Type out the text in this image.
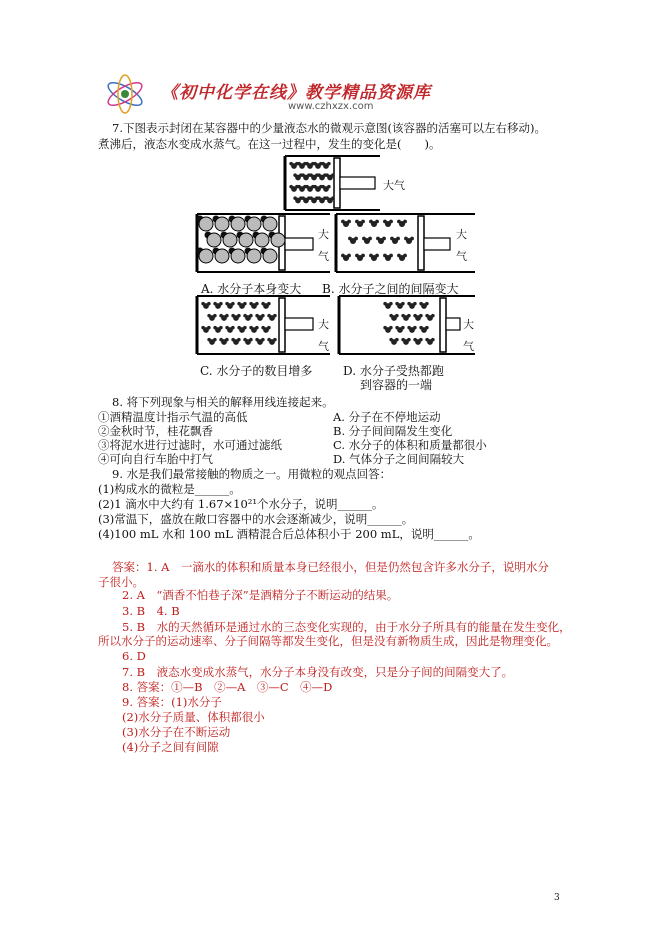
《初中化学在线》教学精品资源库
www.czhxzx.com
7.下图表示封闭在某容器中的少量液态水的微观示意图(该容器的活塞可以左右移动)。
煮沸后，液态水变成水蒸气。在这一过程中，发生的变化是(　　)。
大气
大
气
大
气
大
气
大
气
A. 水分子本身变大 B. 水分子之间的间隔变大
C. 水分子的数目增多	D. 水分子受热都跑
到容器的一端
8. 将下列现象与相关的解释用线连接起来。
①酒精温度计指示气温的高低	A. 分子在不停地运动
②金秋时节，桂花飘香	B. 分子间间隔发生变化
③将泥水进行过滤时，水可通过滤纸	C. 水分子的体积和质量都很小
④可向自行车胎中打气	D. 气体分子之间间隔较大
9. 水是我们最常接触的物质之一。用微粒的观点回答：
(1)构成水的微粒是______。
(2)1 滴水中大约有 1.67×10²¹个水分子，说明______。
(3)常温下，盛放在敞口容器中的水会逐渐减少，说明______。
(4)100 mL 水和 100 mL 酒精混合后总体积小于 200 mL，说明______。
答案：1. A　一滴水的体积和质量本身已经很小，但是仍然包含许多水分子，说明水分
子很小。
2. A　“酒香不怕巷子深”是酒精分子不断运动的结果。
3. B　4. B
5. B　水的天然循环是通过水的三态变化实现的，由于水分子所具有的能量在发生变化，
所以水分子的运动速率、分子间隔等都发生变化，但是没有新物质生成，因此是物理变化。
6. D
7. B　液态水变成水蒸气，水分子本身没有改变，只是分子间的间隔变大了。
8. 答案：①—B　②—A　③—C　④—D
9. 答案：(1)水分子
(2)水分子质量、体积都很小
(3)水分子在不断运动
(4)分子之间有间隙
3
